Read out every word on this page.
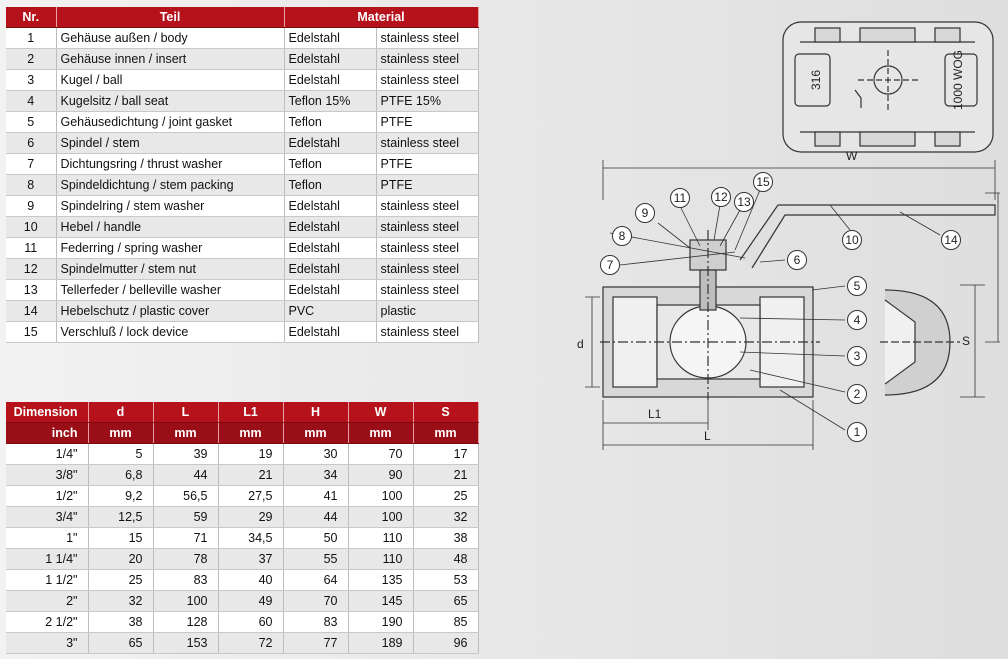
Nr.	Teil	Material	
1	Gehäuse außen / body	Edelstahl	stainless steel
2	Gehäuse innen / insert	Edelstahl	stainless steel
3	Kugel / ball	Edelstahl	stainless steel
4	Kugelsitz / ball seat	Teflon 15%	PTFE 15%
5	Gehäusedichtung / joint gasket	Teflon	PTFE
6	Spindel / stem	Edelstahl	stainless steel
7	Dichtungsring / thrust washer	Teflon	PTFE
8	Spindeldichtung / stem packing	Teflon	PTFE
9	Spindelring / stem washer	Edelstahl	stainless steel
10	Hebel / handle	Edelstahl	stainless steel
11	Federring / spring washer	Edelstahl	stainless steel
12	Spindelmutter / stem nut	Edelstahl	stainless steel
13	Tellerfeder / belleville washer	Edelstahl	stainless steel
14	Hebelschutz / plastic cover	PVC	plastic
15	Verschluß / lock device	Edelstahl	stainless steel
Dimension	d	L	L1	H	W	S
inch	mm	mm	mm	mm	mm	mm
1/4"	5	39	19	30	70	17
3/8"	6,8	44	21	34	90	21
1/2"	9,2	56,5	27,5	41	100	25
3/4"	12,5	59	29	44	100	32
1"	15	71	34,5	50	110	38
1 1/4"	20	78	37	55	110	48
1 1/2"	25	83	40	64	135	53
2"	32	100	49	70	145	65
2 1/2"	38	128	60	83	190	85
3"	65	153	72	77	189	96
316	1000 WOG
W
S
d
L1
L	1
2
3
4
5
6
7
8
9
10
11 12 13
14
15
